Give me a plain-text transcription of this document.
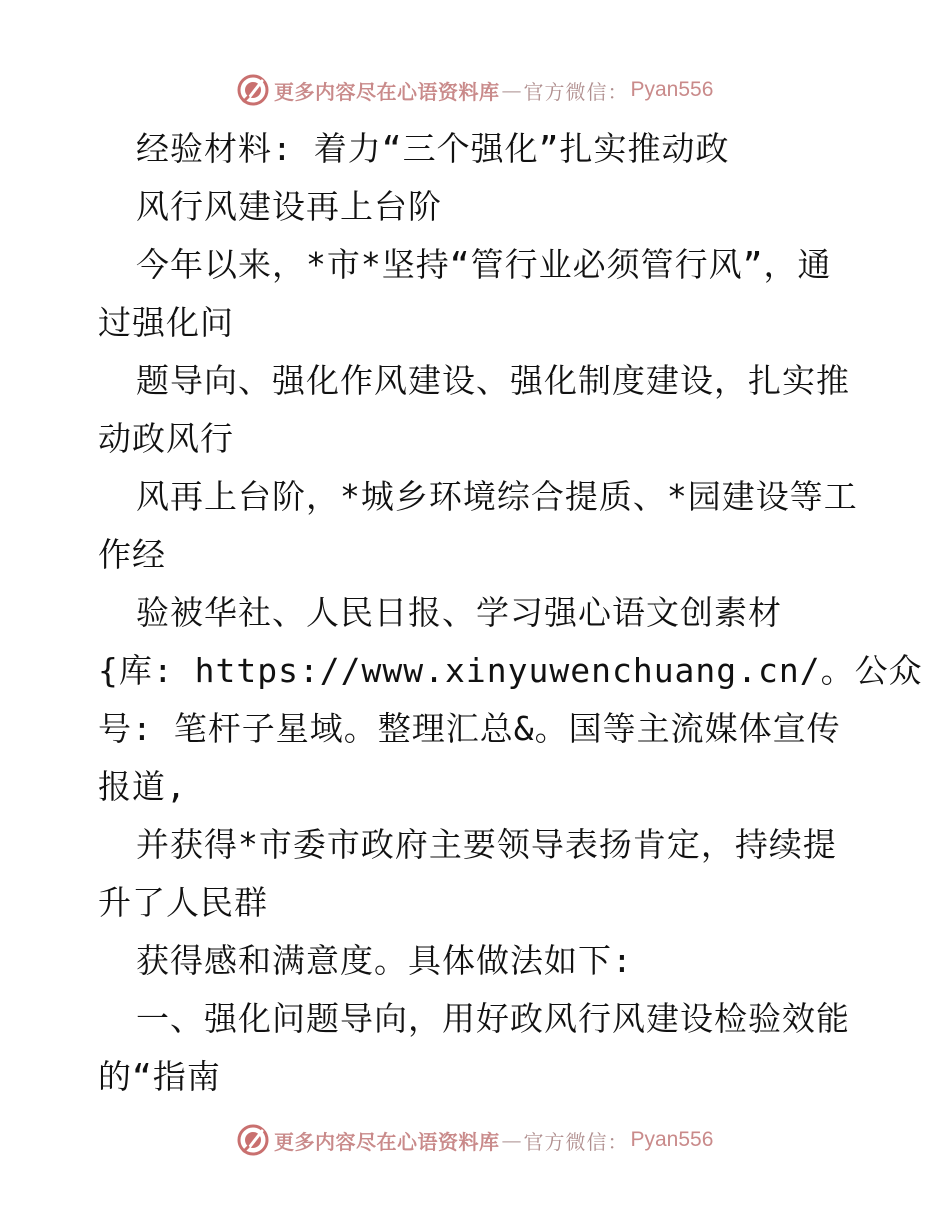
更多内容尽在心语资料库 — 官方微信： Pyan556
经验材料: 着力“三个强化”扎实推动政
风行风建设再上台阶
今年以来，*市*坚持“管行业必须管行风”，通
过强化问
题导向、强化作风建设、强化制度建设，扎实推
动政风行
风再上台阶，*城乡环境综合提质、*园建设等工
作经
验被华社、人民日报、学习强心语文创素材
{库: https://www.xinyuwenchuang.cn/。公众
号: 笔杆子星域。整理汇总&。国等主流媒体宣传
报道,
并获得*市委市政府主要领导表扬肯定，持续提
升了人民群
获得感和满意度。具体做法如下:
一、强化问题导向，用好政风行风建设检验效能
的“指南
更多内容尽在心语资料库 — 官方微信： Pyan556
